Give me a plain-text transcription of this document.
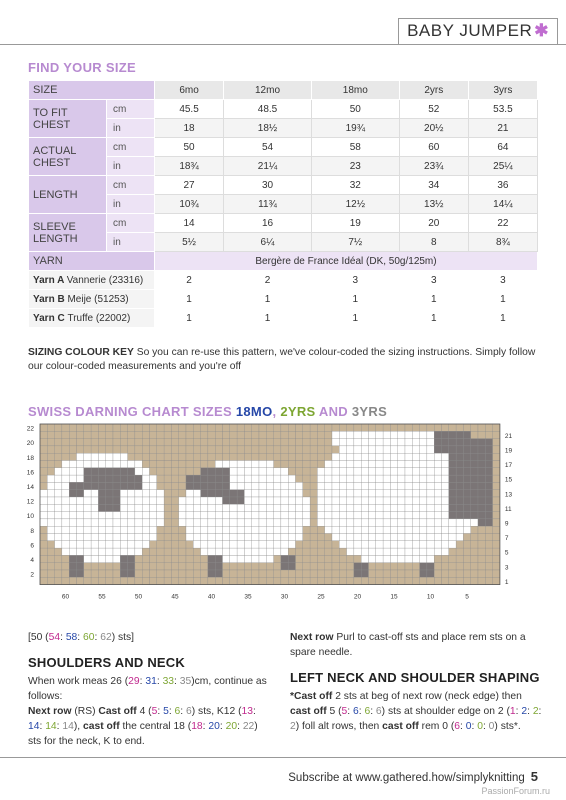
BABY JUMPER ✱
FIND YOUR SIZE
SIZE		6mo	12mo	18mo	2yrs	3yrs
TO FIT CHEST	cm	45.5	48.5	50	52	53.5
	in	18	18½	19¾	20½	21
ACTUAL CHEST	cm	50	54	58	60	64
	in	18¾	21¼	23	23¾	25¼
LENGTH	cm	27	30	32	34	36
	in	10¾	11¾	12½	13½	14¼
SLEEVE LENGTH	cm	14	16	19	20	22
	in	5½	6¼	7½	8	8¾
YARN		Bergère de France Idéal (DK, 50g/125m)				
Yarn A Vannerie (23316)		2	2	3	3	3
Yarn B Meije (51253)		1	1	1	1	1
Yarn C Truffe (22002)		1	1	1	1	1
SIZING COLOUR KEY So you can re-use this pattern, we've colour-coded the sizing instructions. Simply follow our colour-coded measurements and you're off
SWISS DARNING CHART SIZES 18MO, 2YRS AND 3YRS
22
20
18
16
14
12
10
8
6
4
2
21
19
17
15
13
11
9
7
5
3
1
60	55	50	45	40	35	30	25	20	15	10	5
[50 (54: 58: 60: 62) sts]
SHOULDERS AND NECK
When work meas 26 (29: 31: 33: 35)cm, continue as follows:
Next row (RS) Cast off 4 (5: 5: 6: 6) sts, K12 (13: 14: 14: 14), cast off the central 18 (18: 20: 20: 22) sts for the neck, K to end.
Next row Purl to cast-off sts and place rem sts on a spare needle.
LEFT NECK AND SHOULDER SHAPING
*Cast off 2 sts at beg of next row (neck edge) then cast off 5 (5: 6: 6: 6) sts at shoulder edge on 2 (1: 2: 2: 2) foll alt rows, then cast off rem 0 (6: 0: 0: 0) sts*.
Subscribe at www.gathered.how/simplyknitting 5
PassionForum.ru
